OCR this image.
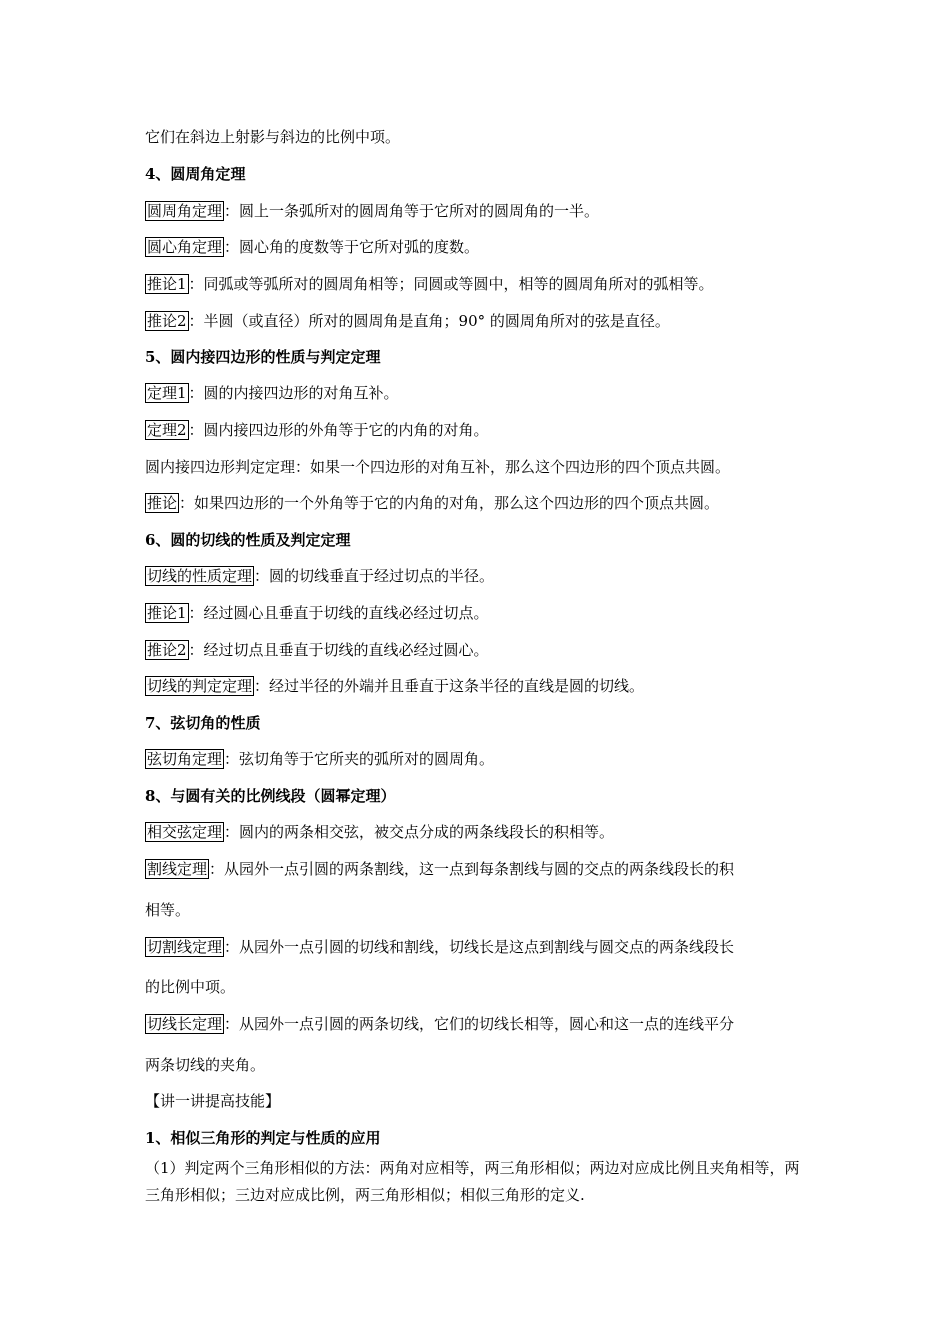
它们在斜边上射影与斜边的比例中项。
4、圆周角定理
圆周角定理 ：圆上一条弧所对的圆周角等于它所对的圆周角的一半。
圆心角定理 ：圆心角的度数等于它所对弧的度数。
推论1 ：同弧或等弧所对的圆周角相等；同圆或等圆中，相等的圆周角所对的弧相等。
推论2 ：半圆（或直径）所对的圆周角是直角；90° 的圆周角所对的弦是直径。
5、圆内接四边形的性质与判定定理
定理1 ：圆的内接四边形的对角互补。
定理2 ：圆内接四边形的外角等于它的内角的对角。
圆内接四边形判定定理：如果一个四边形的对角互补，那么这个四边形的四个顶点共圆。
推论 ：如果四边形的一个外角等于它的内角的对角，那么这个四边形的四个顶点共圆。
6、圆的切线的性质及判定定理
切线的性质定理 ：圆的切线垂直于经过切点的半径。
推论1 ：经过圆心且垂直于切线的直线必经过切点。
推论2 ：经过切点且垂直于切线的直线必经过圆心。
切线的判定定理 ：经过半径的外端并且垂直于这条半径的直线是圆的切线。
7、弦切角的性质
弦切角定理 ：弦切角等于它所夹的弧所对的圆周角。
8、与圆有关的比例线段（圆幂定理）
相交弦定理 ：圆内的两条相交弦，被交点分成的两条线段长的积相等。
割线定理 ：从园外一点引圆的两条割线，这一点到每条割线与圆的交点的两条线段长的积
相等。
切割线定理 ：从园外一点引圆的切线和割线，切线长是这点到割线与圆交点的两条线段长
的比例中项。
切线长定理 ：从园外一点引圆的两条切线，它们的切线长相等，圆心和这一点的连线平分
两条切线的夹角。
【讲一讲提高技能】
1、相似三角形的判定与性质的应用
（1）判定两个三角形相似的方法：两角对应相等，两三角形相似；两边对应成比例且夹角相等，两三角形相似；三边对应成比例，两三角形相似；相似三角形的定义.
